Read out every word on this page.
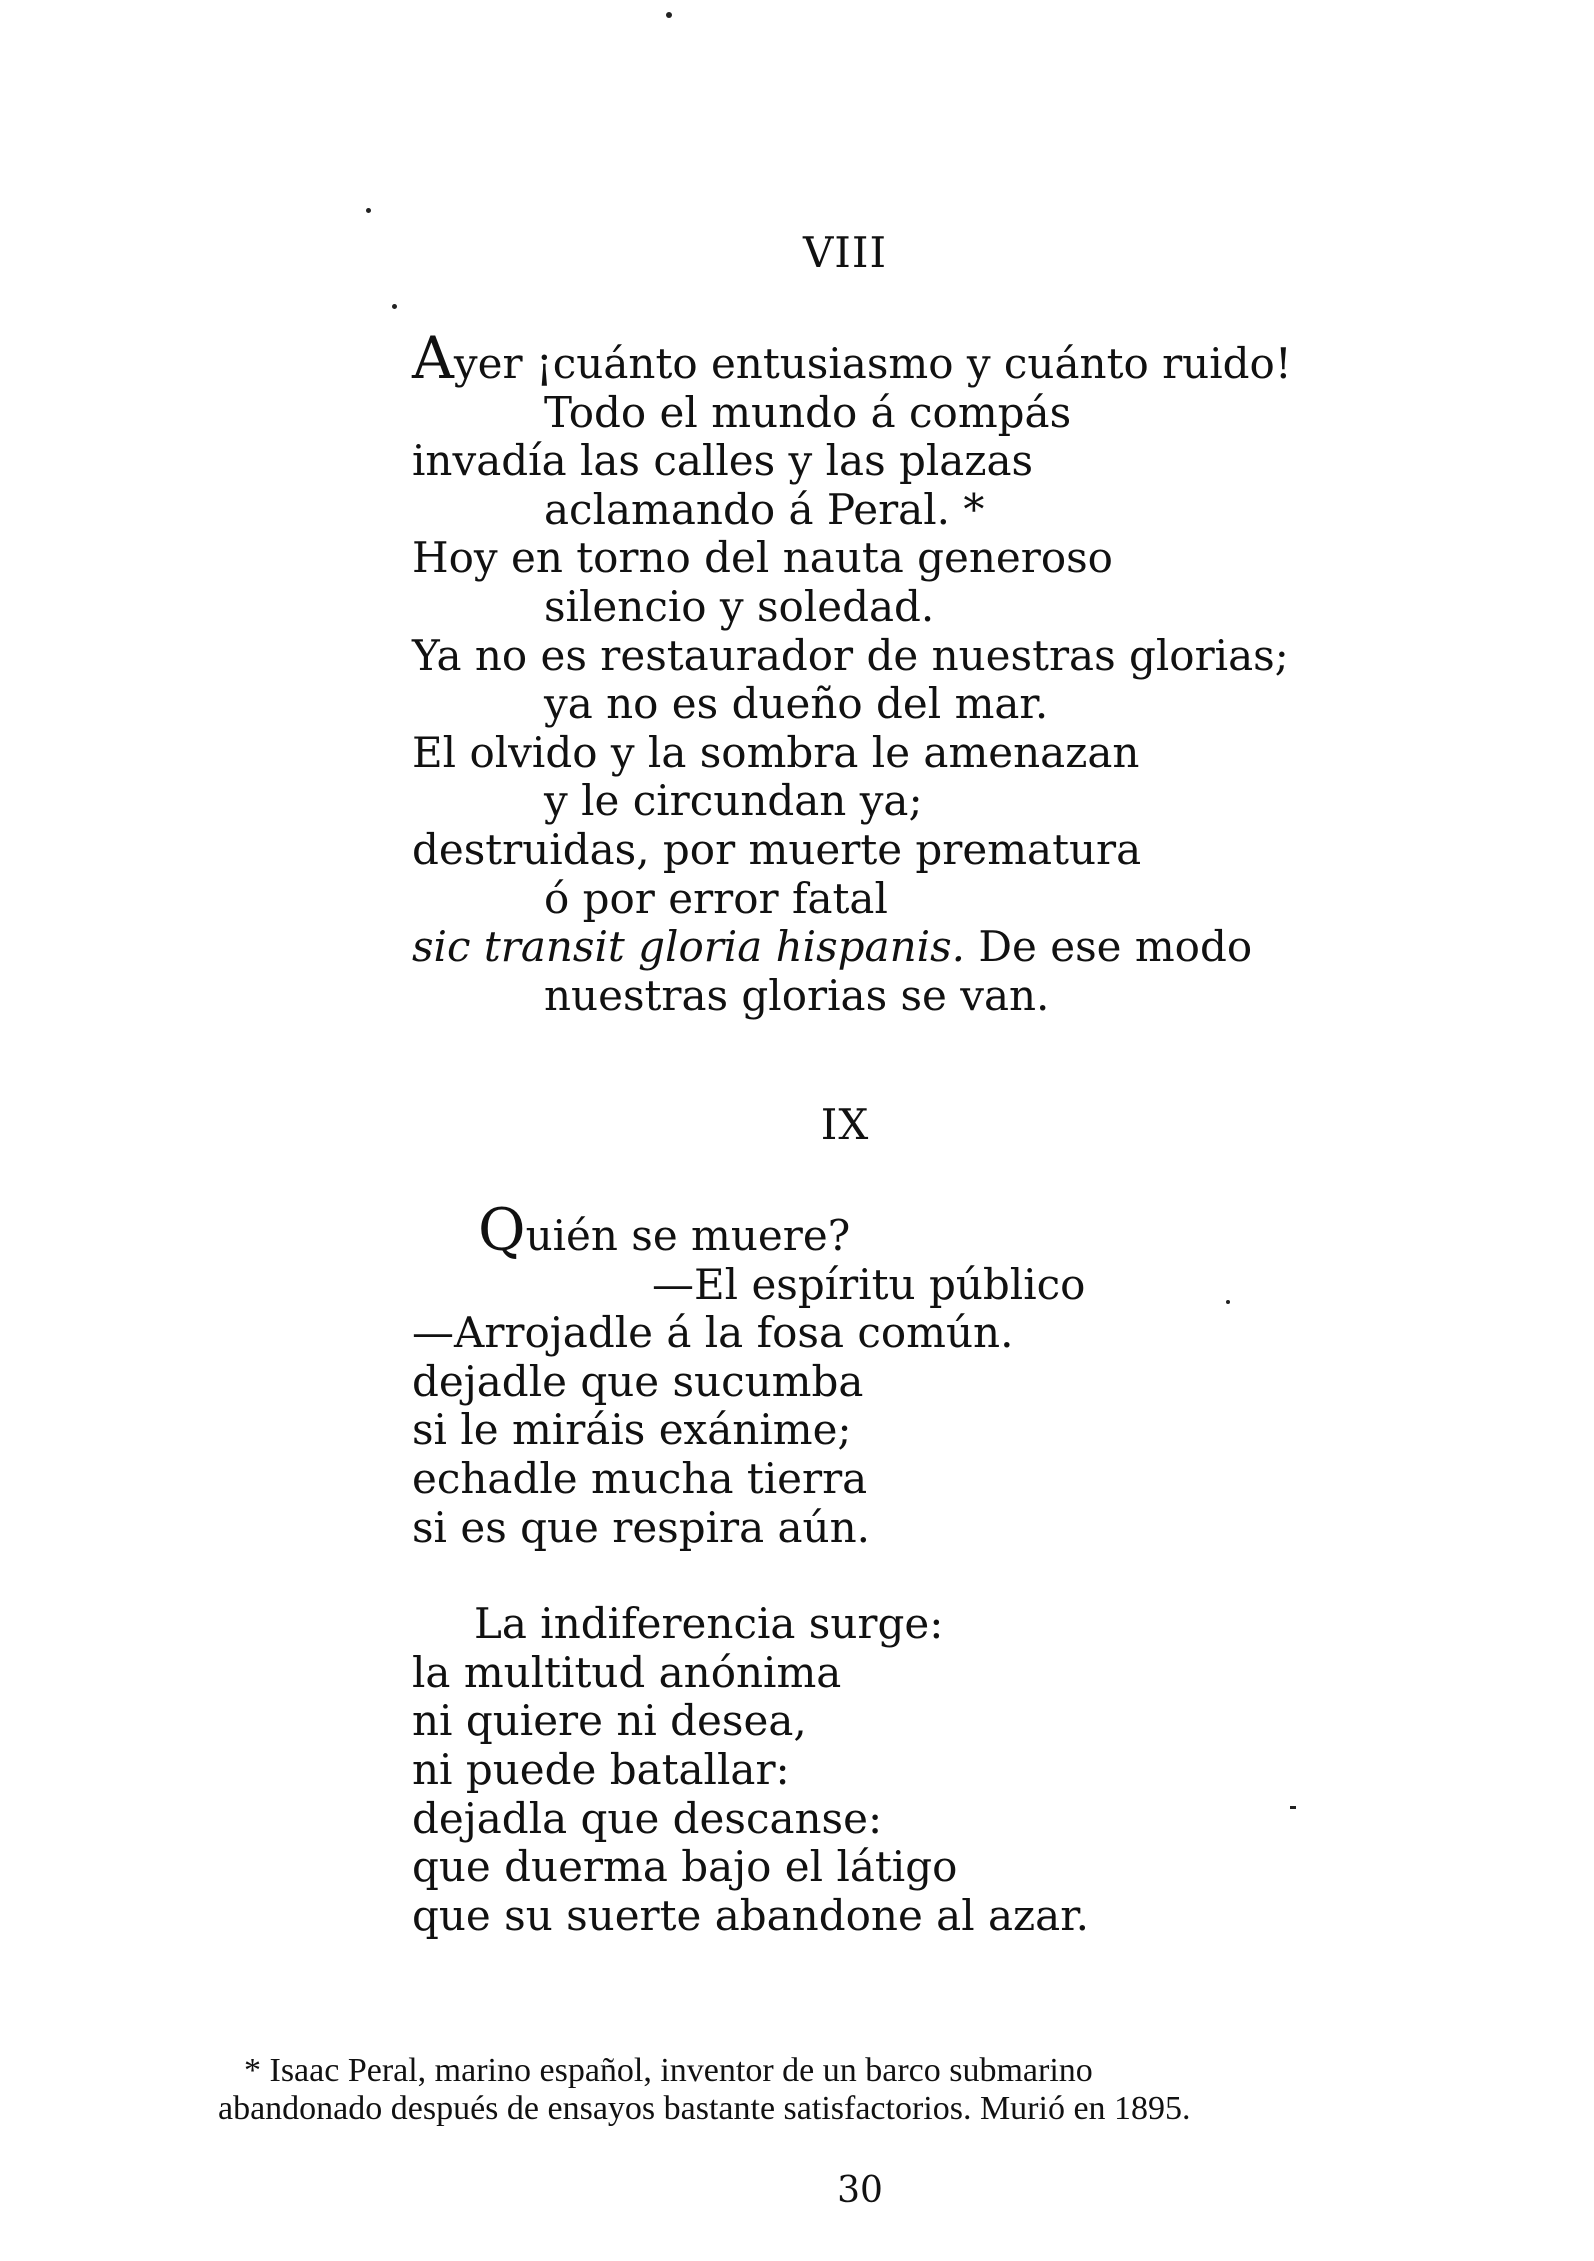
VIII
Ayer ¡cuánto entusiasmo y cuánto ruido!
Todo el mundo á compás
invadía las calles y las plazas
aclamando á Peral. *
Hoy en torno del nauta generoso
silencio y soledad.
Ya no es restaurador de nuestras glorias;
ya no es dueño del mar.
El olvido y la sombra le amenazan
y le circundan ya;
destruidas, por muerte prematura
ó por error fatal
sic transit gloria hispanis. De ese modo
nuestras glorias se van.
IX
Quién se muere?
—El espíritu público
—Arrojadle á la fosa común.
dejadle que sucumba
si le miráis exánime;
echadle mucha tierra
si es que respira aún.
La indiferencia surge:
la multitud anónima
ni quiere ni desea,
ni puede batallar:
dejadla que descanse:
que duerma bajo el látigo
que su suerte abandone al azar.
* Isaac Peral, marino español, inventor de un barco submarino
abandonado después de ensayos bastante satisfactorios. Murió en 1895.
30
